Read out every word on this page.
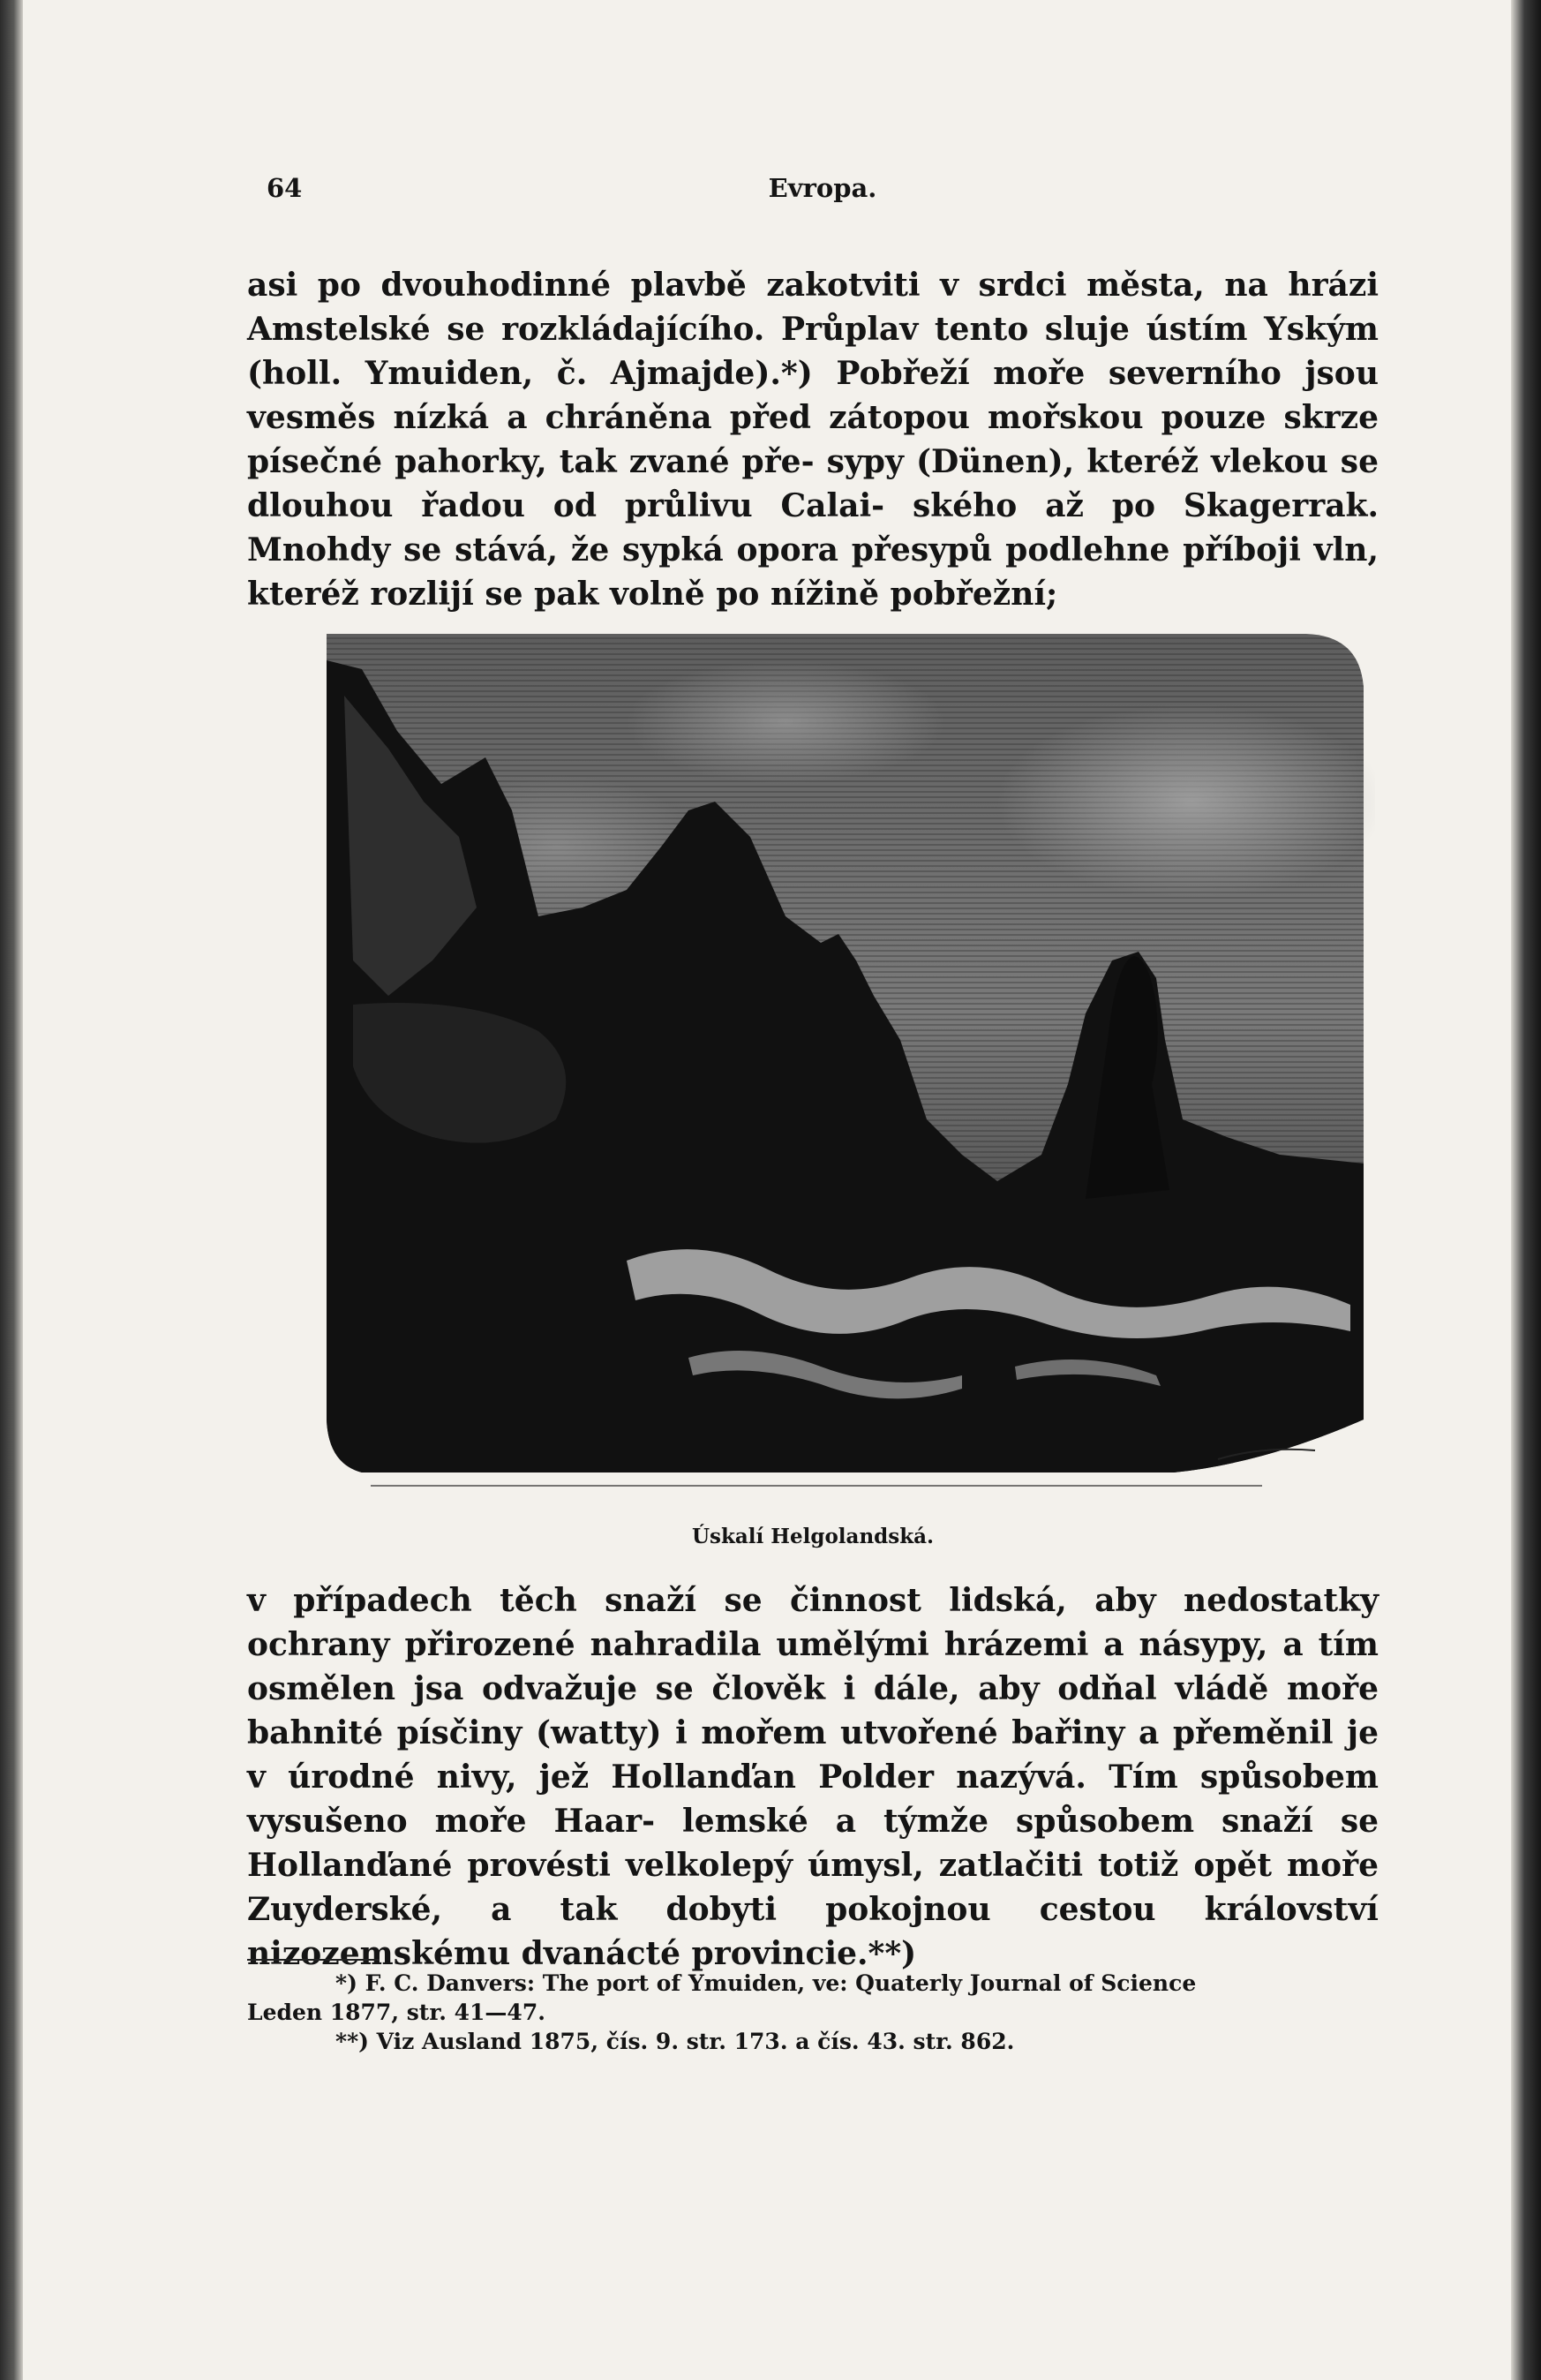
64	Evropa.

asi po dvouhodinné plavbě zakotviti v srdci města, na hrázi Amstelské se rozkládajícího. Průplav tento sluje ústím Yským (holl. Ymuiden, č. Ajmajde).*) Pobřeží moře severního jsou vesměs nízká a chráněna před zátopou mořskou pouze skrze písečné pahorky, tak zvané pře- sypy (Dünen), kteréž vlekou se dlouhou řadou od průlivu Calai- ského až po Skagerrak. Mnohdy se stává, že sypká opora přesypů podlehne příboji vln, kteréž rozlijí se pak volně po nížině pobřežní;

Úskalí Helgolandská.

v případech těch snaží se činnost lidská, aby nedostatky ochrany přirozené nahradila umělými hrázemi a násypy, a tím osmělen jsa odvažuje se člověk i dále, aby odňal vládě moře bahnité písčiny (watty) i mořem utvořené bařiny a přeměnil je v úrodné nivy, jež Hollanďan Polder nazývá. Tím spůsobem vysušeno moře Haar- lemské a týmže spůsobem snaží se Hollanďané provésti velkolepý úmysl, zatlačiti totiž opět moře Zuyderské, a tak dobyti pokojnou cestou království nizozemskému dvanácté provincie.**)

*) F. C. Danvers: The port of Ymuiden, ve: Quaterly Journal of Science

Leden 1877, str. 41—47.

**) Viz Ausland 1875, čís. 9. str. 173. a čís. 43. str. 862.
